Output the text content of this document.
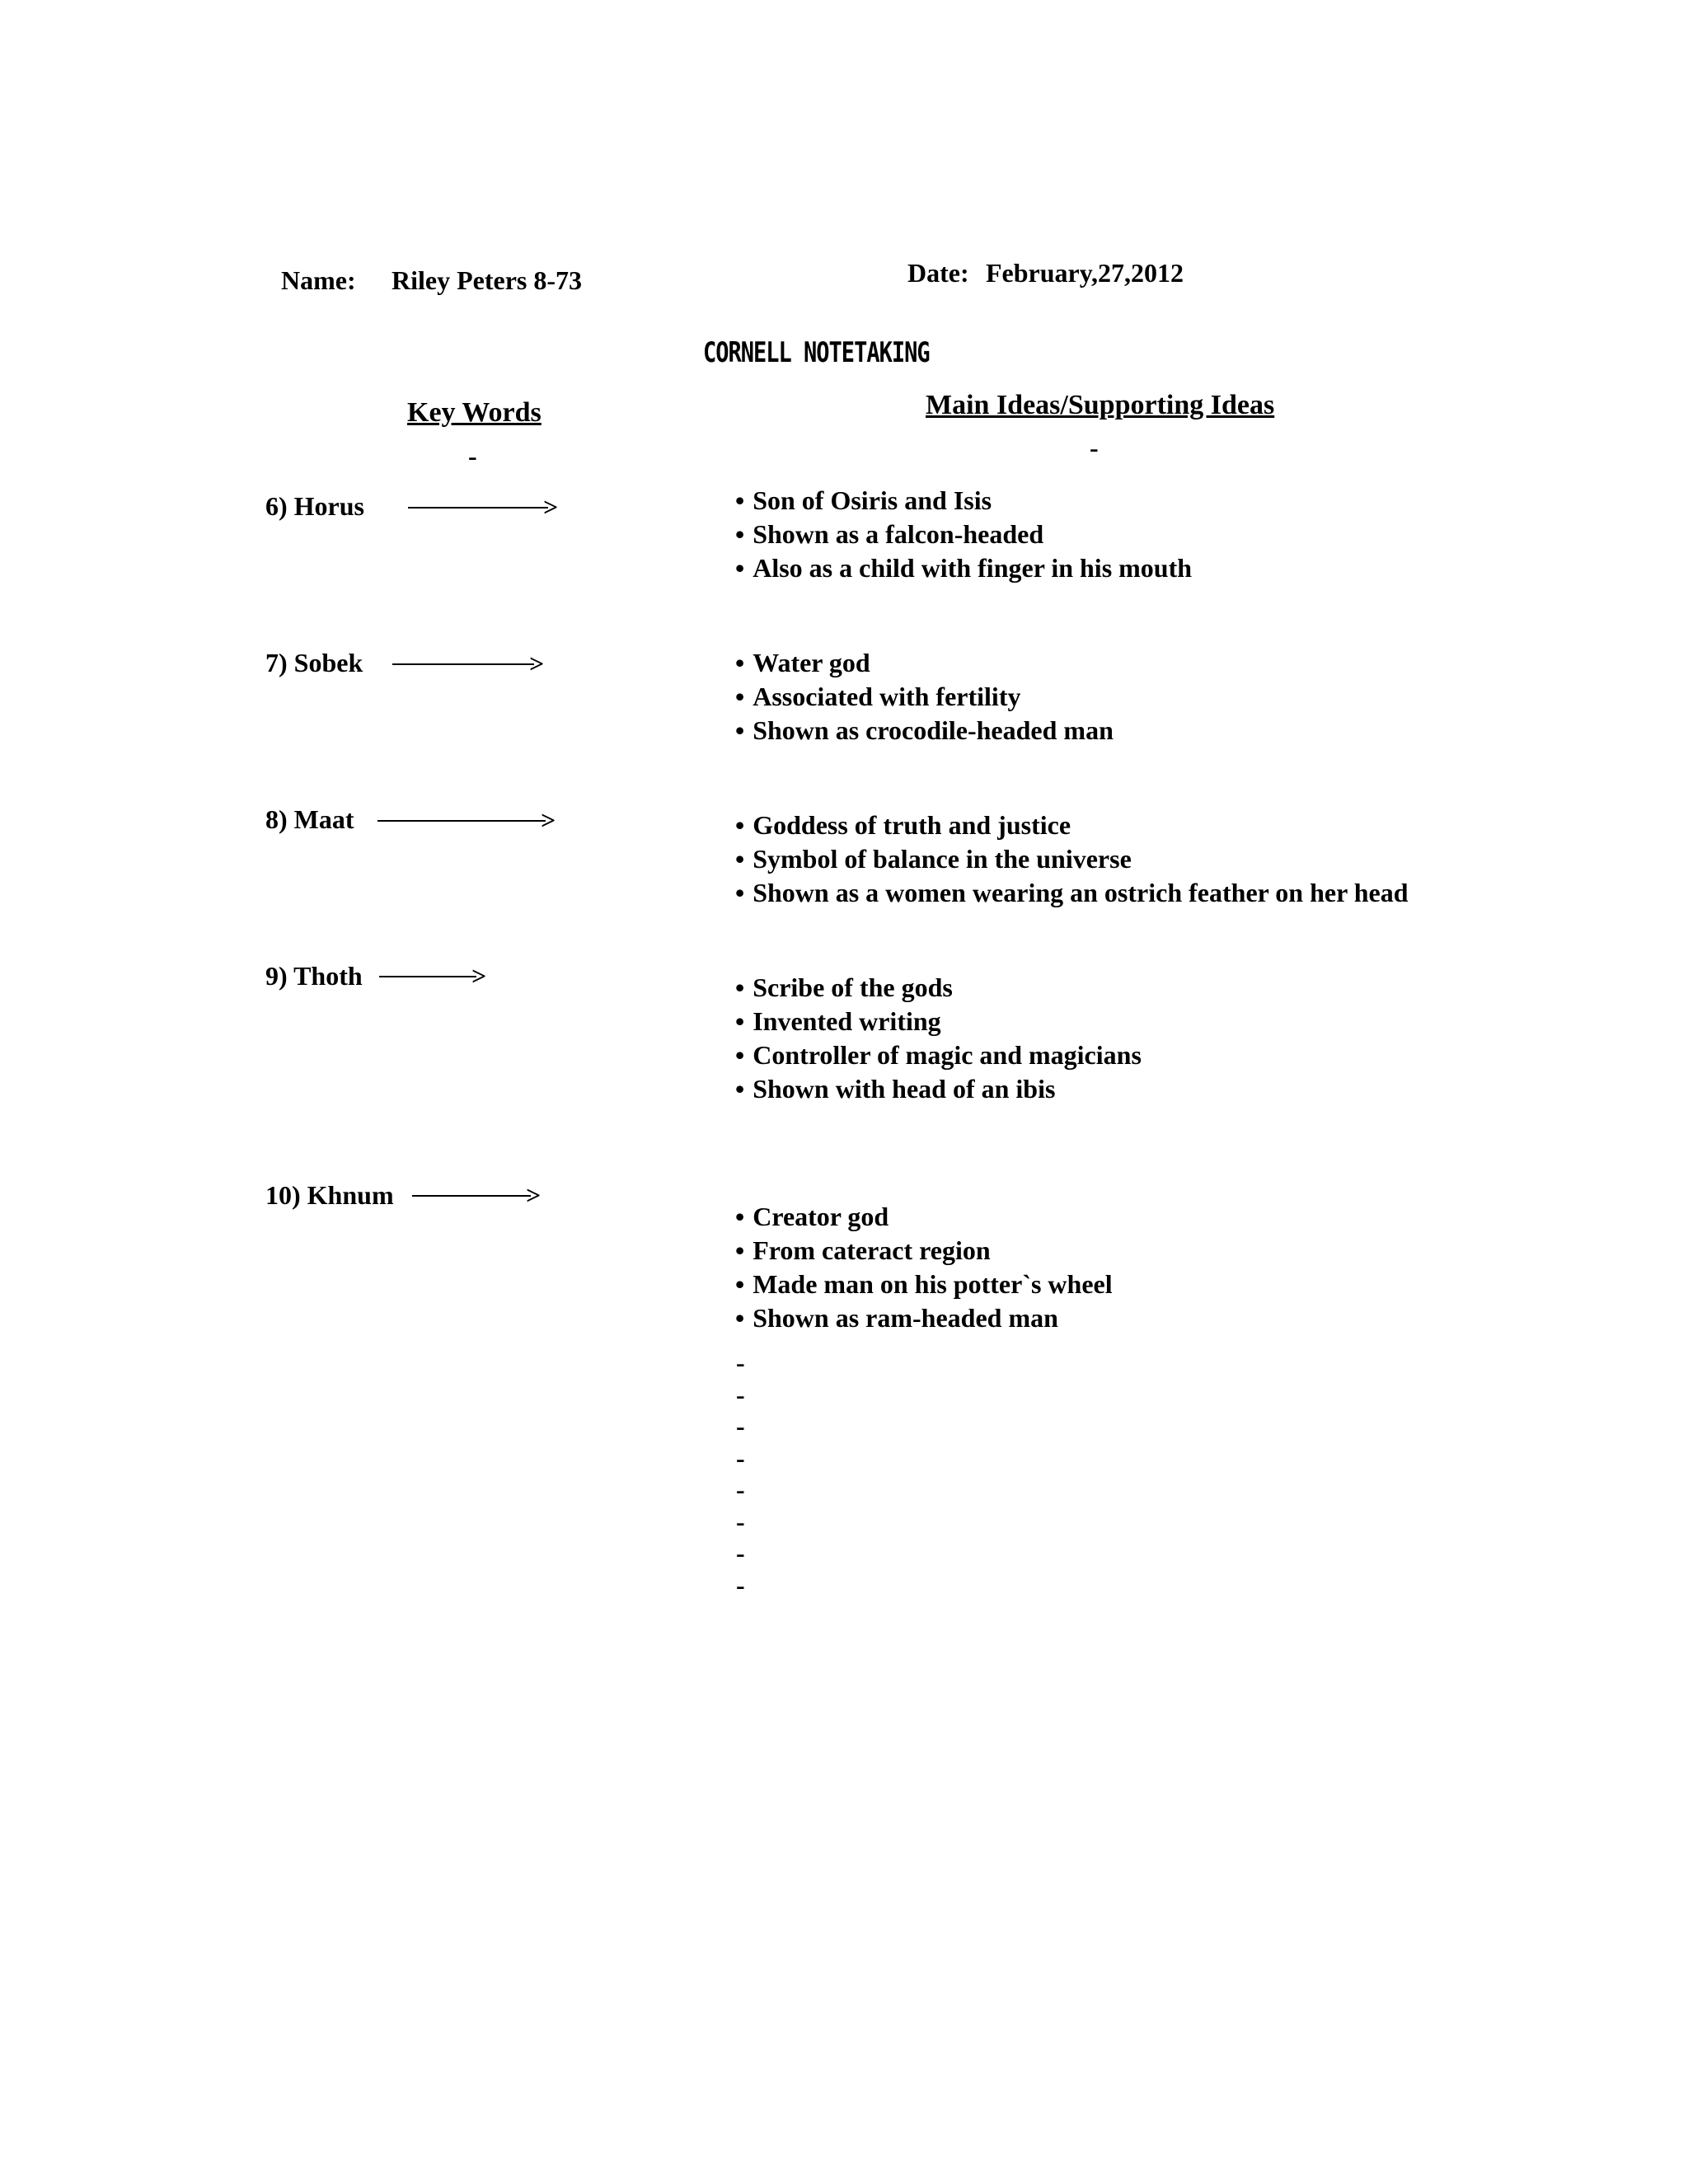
Name: Riley Peters 8-73	Date: February,27,2012
CORNELL NOTETAKING
Key Words
-
Main Ideas/Supporting Ideas
-
6) Horus	>	• Son of Osiris and Isis
• Shown as a falcon-headed
• Also as a child with finger in his mouth
7) Sobek	>	• Water god
• Associated with fertility
• Shown as crocodile-headed man
8) Maat	>	• Goddess of truth and justice
• Symbol of balance in the universe
• Shown as a women wearing an ostrich feather on her head
9) Thoth	>	• Scribe of the gods
• Invented writing
• Controller of magic and magicians
• Shown with head of an ibis
10) Khnum	>
• Creator god
• From cateract region
• Made man on his potter`s wheel
• Shown as ram-headed man
-
-
-
-
-
-
-
-
